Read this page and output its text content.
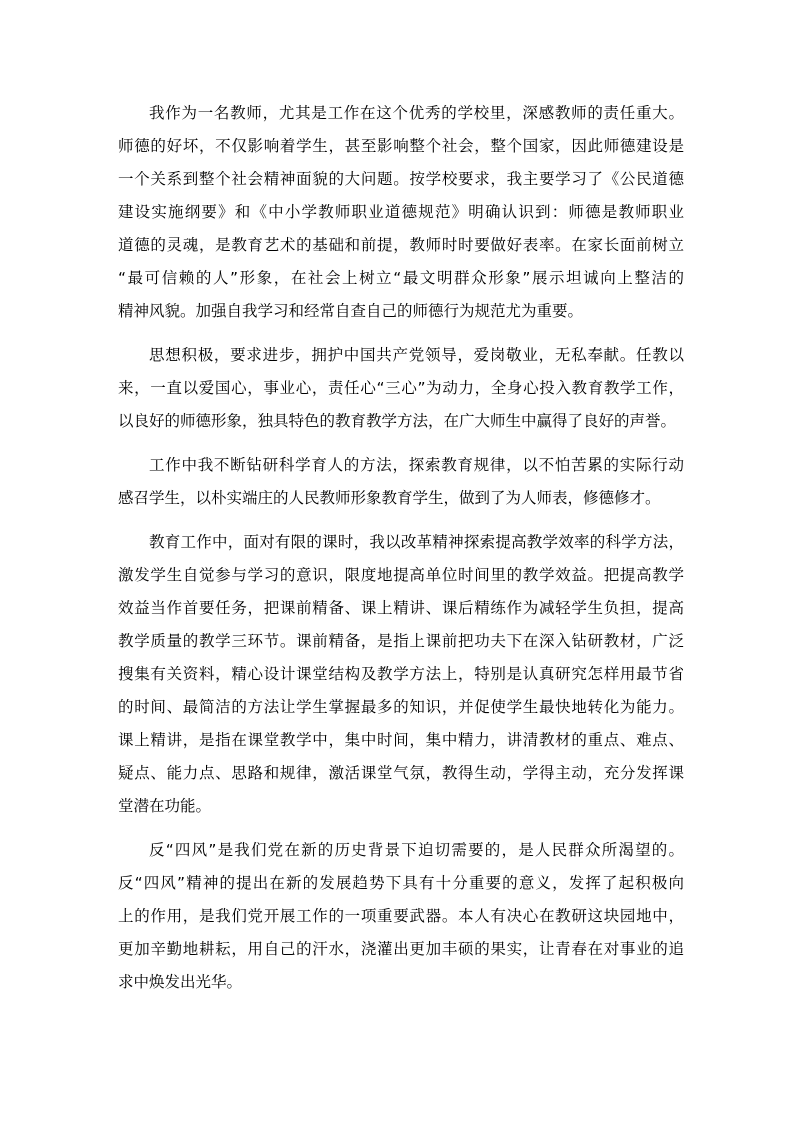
我作为一名教师，尤其是工作在这个优秀的学校里，深感教师的责任重大。
师德的好坏，不仅影响着学生，甚至影响整个社会，整个国家，因此师德建设是
一个关系到整个社会精神面貌的大问题。按学校要求，我主要学习了《公民道德
建设实施纲要》和《中小学教师职业道德规范》明确认识到：师德是教师职业
道德的灵魂，是教育艺术的基础和前提，教师时时要做好表率。在家长面前树立
“最可信赖的人”形象，在社会上树立“最文明群众形象”展示坦诚向上整洁的
精神风貌。加强自我学习和经常自查自己的师德行为规范尤为重要。
思想积极，要求进步，拥护中国共产党领导，爱岗敬业，无私奉献。任教以
来，一直以爱国心，事业心，责任心“三心”为动力，全身心投入教育教学工作，
以良好的师德形象，独具特色的教育教学方法，在广大师生中赢得了良好的声誉。
工作中我不断钻研科学育人的方法，探索教育规律，以不怕苦累的实际行动
感召学生，以朴实端庄的人民教师形象教育学生，做到了为人师表，修德修才。
教育工作中，面对有限的课时，我以改革精神探索提高教学效率的科学方法，
激发学生自觉参与学习的意识，限度地提高单位时间里的教学效益。把提高教学
效益当作首要任务，把课前精备、课上精讲、课后精练作为减轻学生负担，提高
教学质量的教学三环节。课前精备，是指上课前把功夫下在深入钻研教材，广泛
搜集有关资料，精心设计课堂结构及教学方法上，特别是认真研究怎样用最节省
的时间、最简洁的方法让学生掌握最多的知识，并促使学生最快地转化为能力。
课上精讲，是指在课堂教学中，集中时间，集中精力，讲清教材的重点、难点、
疑点、能力点、思路和规律，激活课堂气氛，教得生动，学得主动，充分发挥课
堂潜在功能。
反“四风”是我们党在新的历史背景下迫切需要的，是人民群众所渴望的。
反“四风”精神的提出在新的发展趋势下具有十分重要的意义，发挥了起积极向
上的作用，是我们党开展工作的一项重要武器。本人有决心在教研这块园地中，
更加辛勤地耕耘，用自己的汗水，浇灌出更加丰硕的果实，让青春在对事业的追
求中焕发出光华。
